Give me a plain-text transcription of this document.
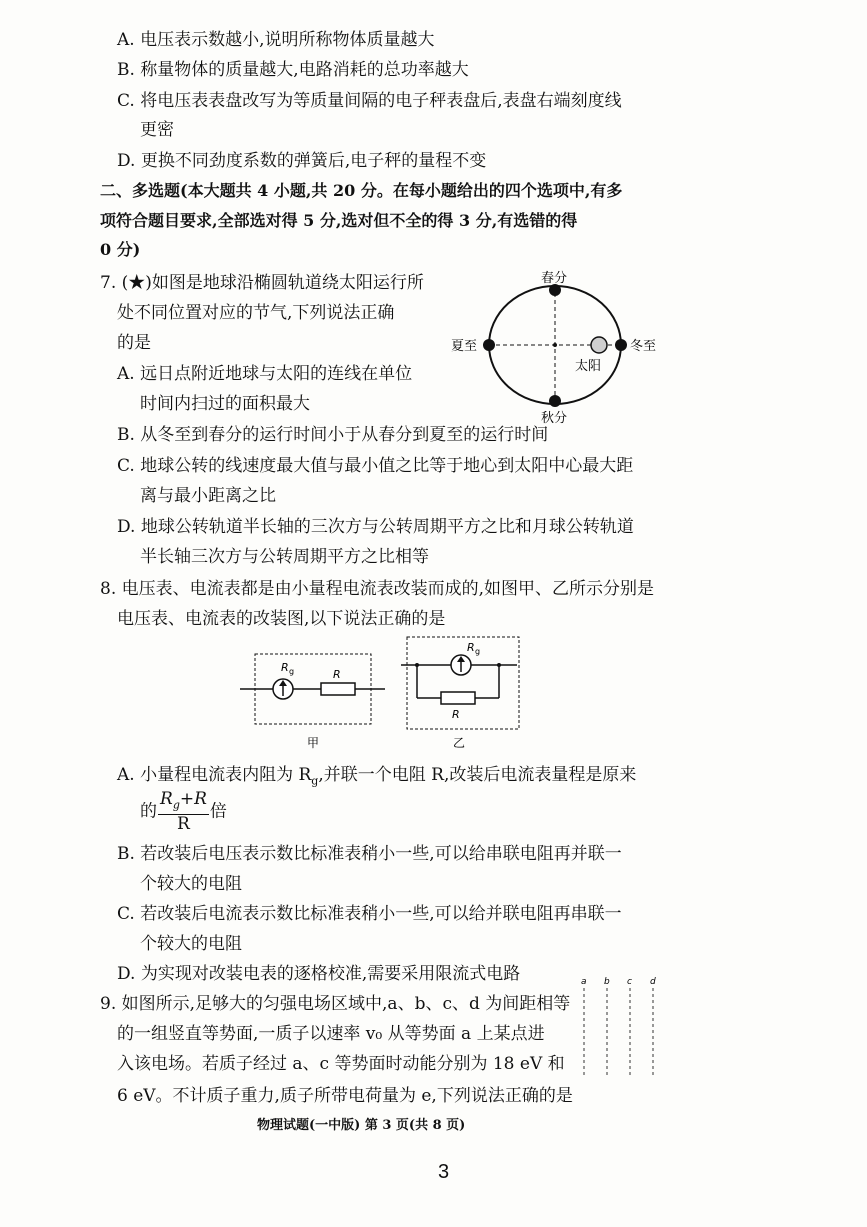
A. 电压表示数越小,说明所称物体质量越大
B. 称量物体的质量越大,电路消耗的总功率越大
C. 将电压表表盘改写为等质量间隔的电子秤表盘后,表盘右端刻度线
更密
D. 更换不同劲度系数的弹簧后,电子秤的量程不变
二、多选题(本大题共 4 小题,共 20 分。在每小题给出的四个选项中,有多
项符合题目要求,全部选对得 5 分,选对但不全的得 3 分,有选错的得
0 分)
7. (★)如图是地球沿椭圆轨道绕太阳运行所
处不同位置对应的节气,下列说法正确
的是
A. 远日点附近地球与太阳的连线在单位
时间内扫过的面积最大
B. 从冬至到春分的运行时间小于从春分到夏至的运行时间
C. 地球公转的线速度最大值与最小值之比等于地心到太阳中心最大距
离与最小距离之比
D. 地球公转轨道半长轴的三次方与公转周期平方之比和月球公转轨道
半长轴三次方与公转周期平方之比相等
春分
夏至	冬至
秋分
太阳
8. 电压表、电流表都是由小量程电流表改装而成的,如图甲、乙所示分别是
电压表、电流表的改装图,以下说法正确的是
R g	R
甲
R g
R
乙
A. 小量程电流表内阻为 $R_g$,并联一个电阻 R,改装后电流表量程是原来
的 $\frac{R_g+R}{R}$ 倍
B. 若改装后电压表示数比标准表稍小一些,可以给串联电阻再并联一
个较大的电阻
C. 若改装后电流表示数比标准表稍小一些,可以给并联电阻再串联一
个较大的电阻
D. 为实现对改装电表的逐格校准,需要采用限流式电路
9. 如图所示,足够大的匀强电场区域中,a、b、c、d 为间距相等
的一组竖直等势面,一质子以速率 v₀ 从等势面 a 上某点进
入该电场。若质子经过 a、c 等势面时动能分别为 18 eV 和
6 eV。不计质子重力,质子所带电荷量为 e,下列说法正确的是
a b c d
物理试题(一中版) 第 3 页(共 8 页)
3
